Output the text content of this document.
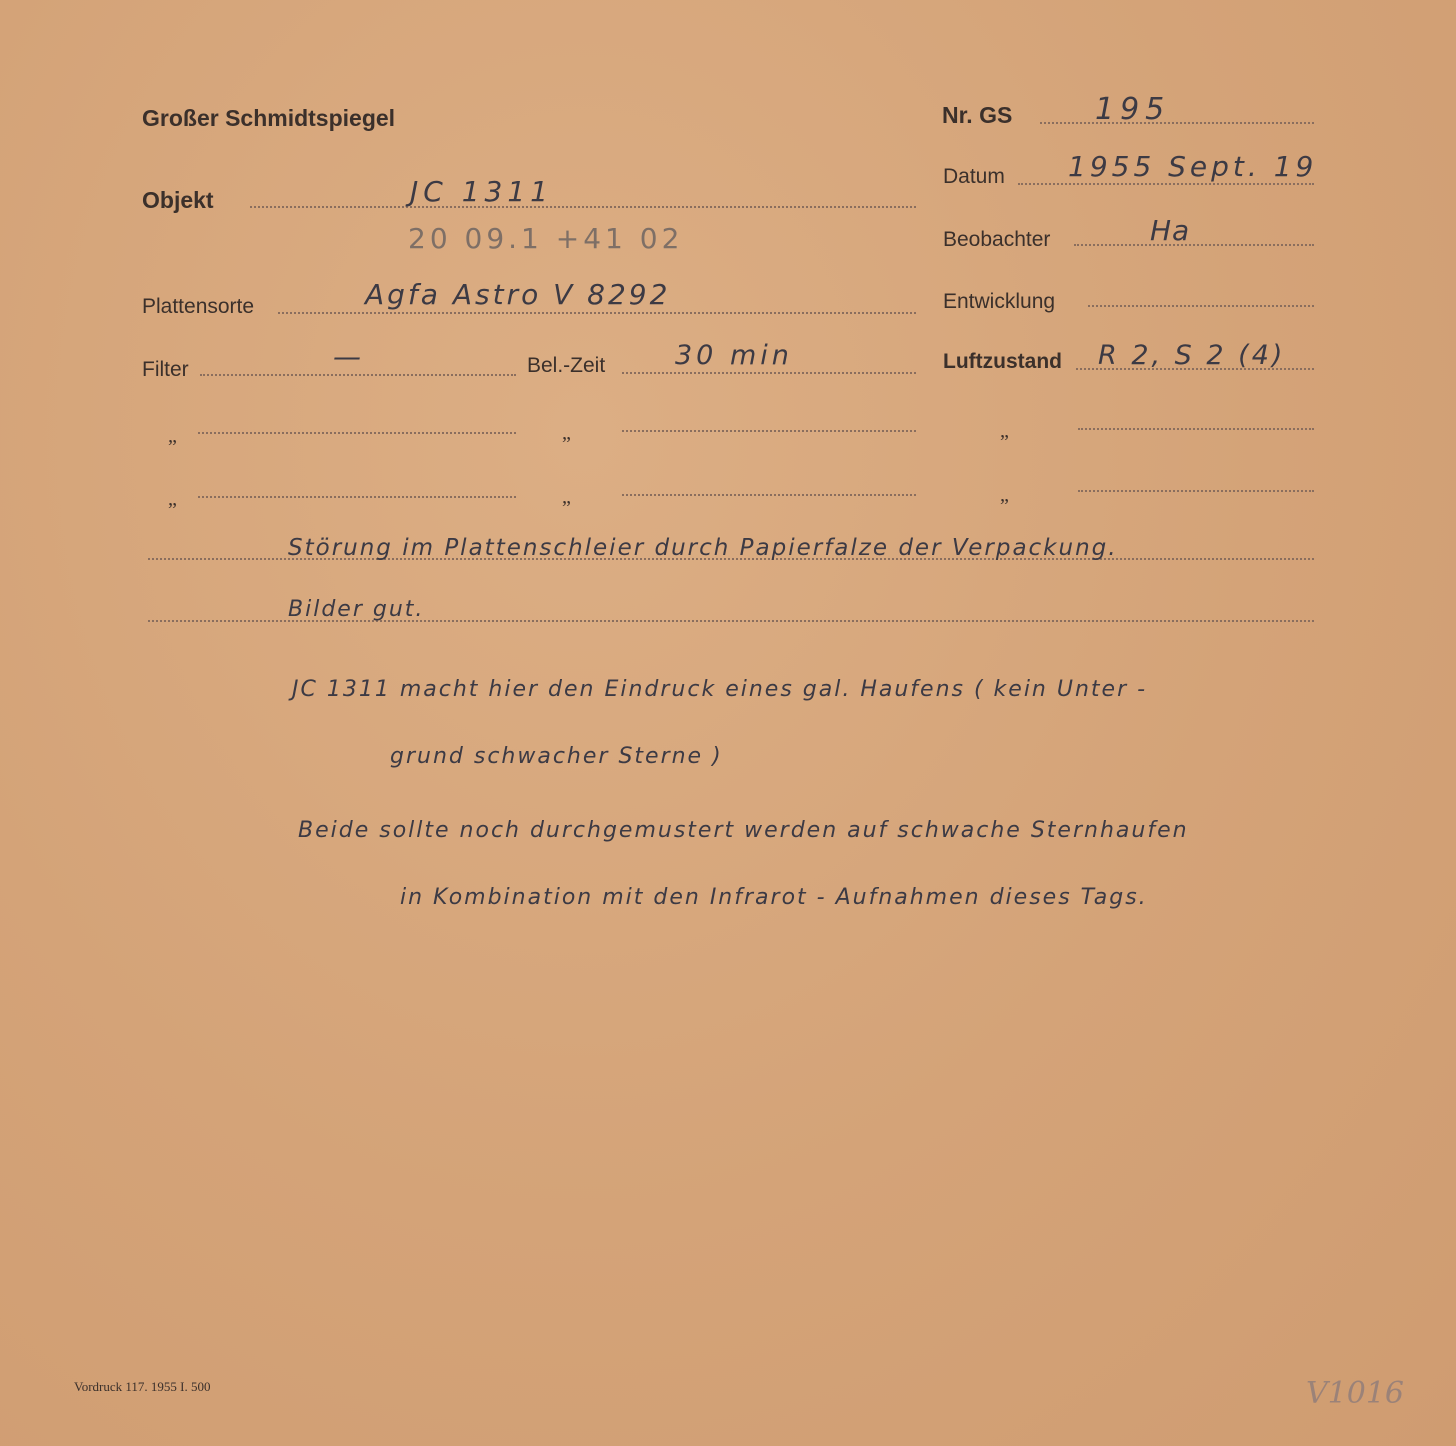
Großer Schmidtspiegel	Nr. GS	195
Objekt	JC 1311
20 09.1 +41 02
Datum 1955 Sept. 19
Beobachter	Ha
Plattensorte	Agfa Astro V 8292	Entwicklung
Filter	—	Bel.-Zeit	30 min	Luftzustand R 2, S 2 (4)
„	„	„
„	„	„
Störung im Plattenschleier durch Papierfalze der Verpackung.
Bilder gut.
JC 1311 macht hier den Eindruck eines gal. Haufens ( kein Unter -
grund schwacher Sterne )
Beide sollte noch durchgemustert werden auf schwache Sternhaufen
in Kombination mit den Infrarot - Aufnahmen dieses Tags.
Vordruck 117. 1955 I. 500	V1016
